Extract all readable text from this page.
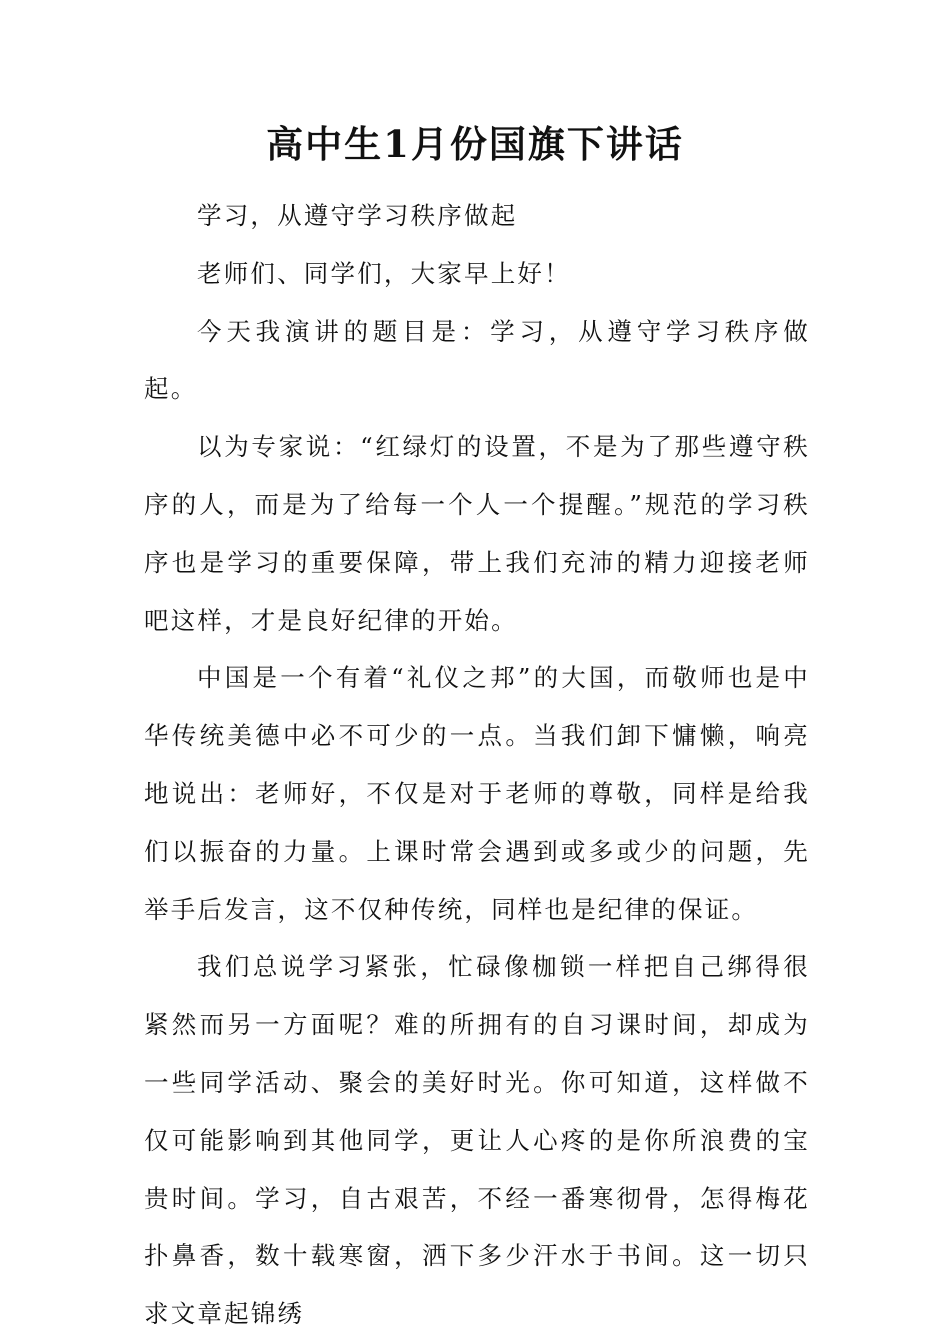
高中生1月份国旗下讲话

学习，从遵守学习秩序做起

老师们、同学们，大家早上好！

今天我演讲的题目是：学习，从遵守学习秩序做起。

以为专家说：“红绿灯的设置，不是为了那些遵守秩序的人，而是为了给每一个人一个提醒。”规范的学习秩序也是学习的重要保障，带上我们充沛的精力迎接老师吧这样，才是良好纪律的开始。

中国是一个有着“礼仪之邦”的大国，而敬师也是中华传统美德中必不可少的一点。当我们卸下慵懒，响亮地说出：老师好，不仅是对于老师的尊敬，同样是给我们以振奋的力量。上课时常会遇到或多或少的问题，先举手后发言，这不仅种传统，同样也是纪律的保证。

我们总说学习紧张，忙碌像枷锁一样把自己绑得很紧然而另一方面呢？难的所拥有的自习课时间，却成为一些同学活动、聚会的美好时光。你可知道，这样做不仅可能影响到其他同学，更让人心疼的是你所浪费的宝贵时间。学习，自古艰苦，不经一番寒彻骨，怎得梅花扑鼻香，数十载寒窗，洒下多少汗水于书间。这一切只求文章起锦绣
